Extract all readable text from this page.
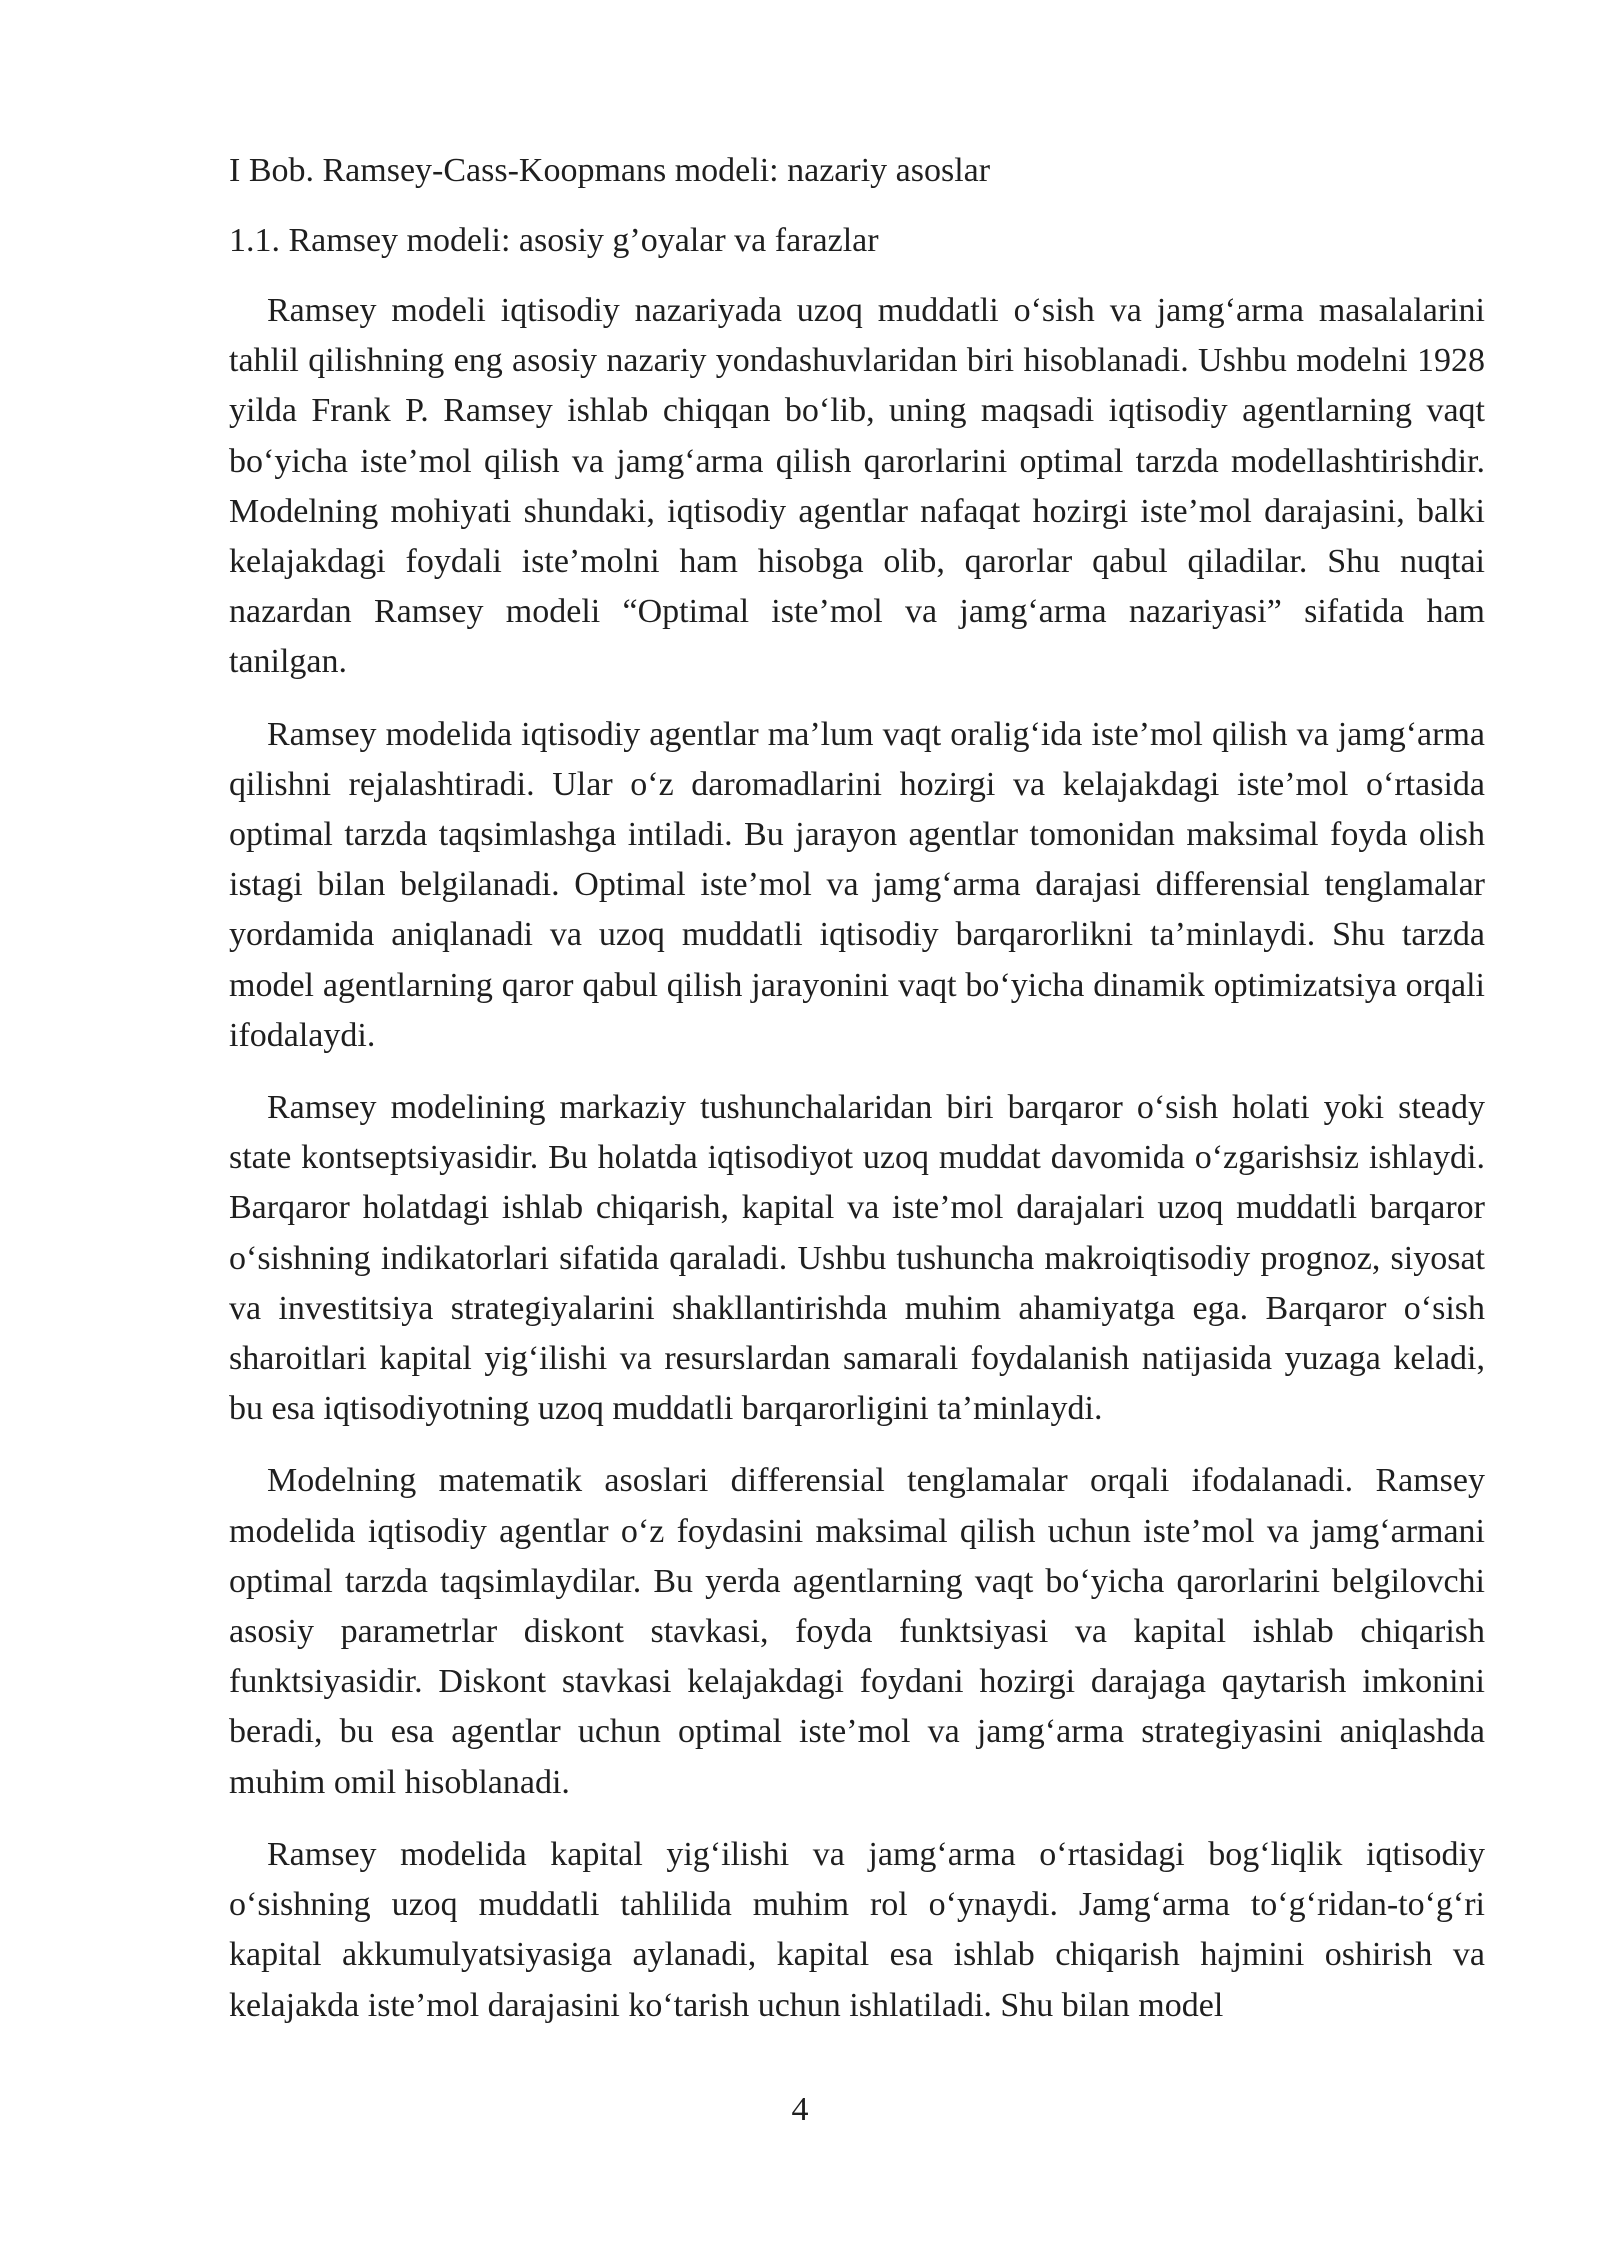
I Bob. Ramsey-Cass-Koopmans modeli: nazariy asoslar
1.1. Ramsey modeli: asosiy g’oyalar va farazlar

Ramsey modeli iqtisodiy nazariyada uzoq muddatli o‘sish va jamg‘arma masalalarini tahlil qilishning eng asosiy nazariy yondashuvlaridan biri hisoblanadi. Ushbu modelni 1928 yilda Frank P. Ramsey ishlab chiqqan bo‘lib, uning maqsadi iqtisodiy agentlarning vaqt bo‘yicha iste’mol qilish va jamg‘arma qilish qarorlarini optimal tarzda modellashtirishdir. Modelning mohiyati shundaki, iqtisodiy agentlar nafaqat hozirgi iste’mol darajasini, balki kelajakdagi foydali iste’molni ham hisobga olib, qarorlar qabul qiladilar. Shu nuqtai nazardan Ramsey modeli “Optimal iste’mol va jamg‘arma nazariyasi” sifatida ham tanilgan.

Ramsey modelida iqtisodiy agentlar ma’lum vaqt oralig‘ida iste’mol qilish va jamg‘arma qilishni rejalashtiradi. Ular o‘z daromadlarini hozirgi va kelajakdagi iste’mol o‘rtasida optimal tarzda taqsimlashga intiladi. Bu jarayon agentlar tomonidan maksimal foyda olish istagi bilan belgilanadi. Optimal iste’mol va jamg‘arma darajasi differensial tenglamalar yordamida aniqlanadi va uzoq muddatli iqtisodiy barqarorlikni ta’minlaydi. Shu tarzda model agentlarning qaror qabul qilish jarayonini vaqt bo‘yicha dinamik optimizatsiya orqali ifodalaydi.

Ramsey modelining markaziy tushunchalaridan biri barqaror o‘sish holati yoki steady state kontseptsiyasidir. Bu holatda iqtisodiyot uzoq muddat davomida o‘zgarishsiz ishlaydi. Barqaror holatdagi ishlab chiqarish, kapital va iste’mol darajalari uzoq muddatli barqaror o‘sishning indikatorlari sifatida qaraladi. Ushbu tushuncha makroiqtisodiy prognoz, siyosat va investitsiya strategiyalarini shakllantirishda muhim ahamiyatga ega. Barqaror o‘sish sharoitlari kapital yig‘ilishi va resurslardan samarali foydalanish natijasida yuzaga keladi, bu esa iqtisodiyotning uzoq muddatli barqarorligini ta’minlaydi.

Modelning matematik asoslari differensial tenglamalar orqali ifodalanadi. Ramsey modelida iqtisodiy agentlar o‘z foydasini maksimal qilish uchun iste’mol va jamg‘armani optimal tarzda taqsimlaydilar. Bu yerda agentlarning vaqt bo‘yicha qarorlarini belgilovchi asosiy parametrlar diskont stavkasi, foyda funktsiyasi va kapital ishlab chiqarish funktsiyasidir. Diskont stavkasi kelajakdagi foydani hozirgi darajaga qaytarish imkonini beradi, bu esa agentlar uchun optimal iste’mol va jamg‘arma strategiyasini aniqlashda muhim omil hisoblanadi.

Ramsey modelida kapital yig‘ilishi va jamg‘arma o‘rtasidagi bog‘liqlik iqtisodiy o‘sishning uzoq muddatli tahlilida muhim rol o‘ynaydi. Jamg‘arma to‘g‘ridan-to‘g‘ri kapital akkumulyatsiyasiga aylanadi, kapital esa ishlab chiqarish hajmini oshirish va kelajakda iste’mol darajasini ko‘tarish uchun ishlatiladi. Shu bilan model

4
